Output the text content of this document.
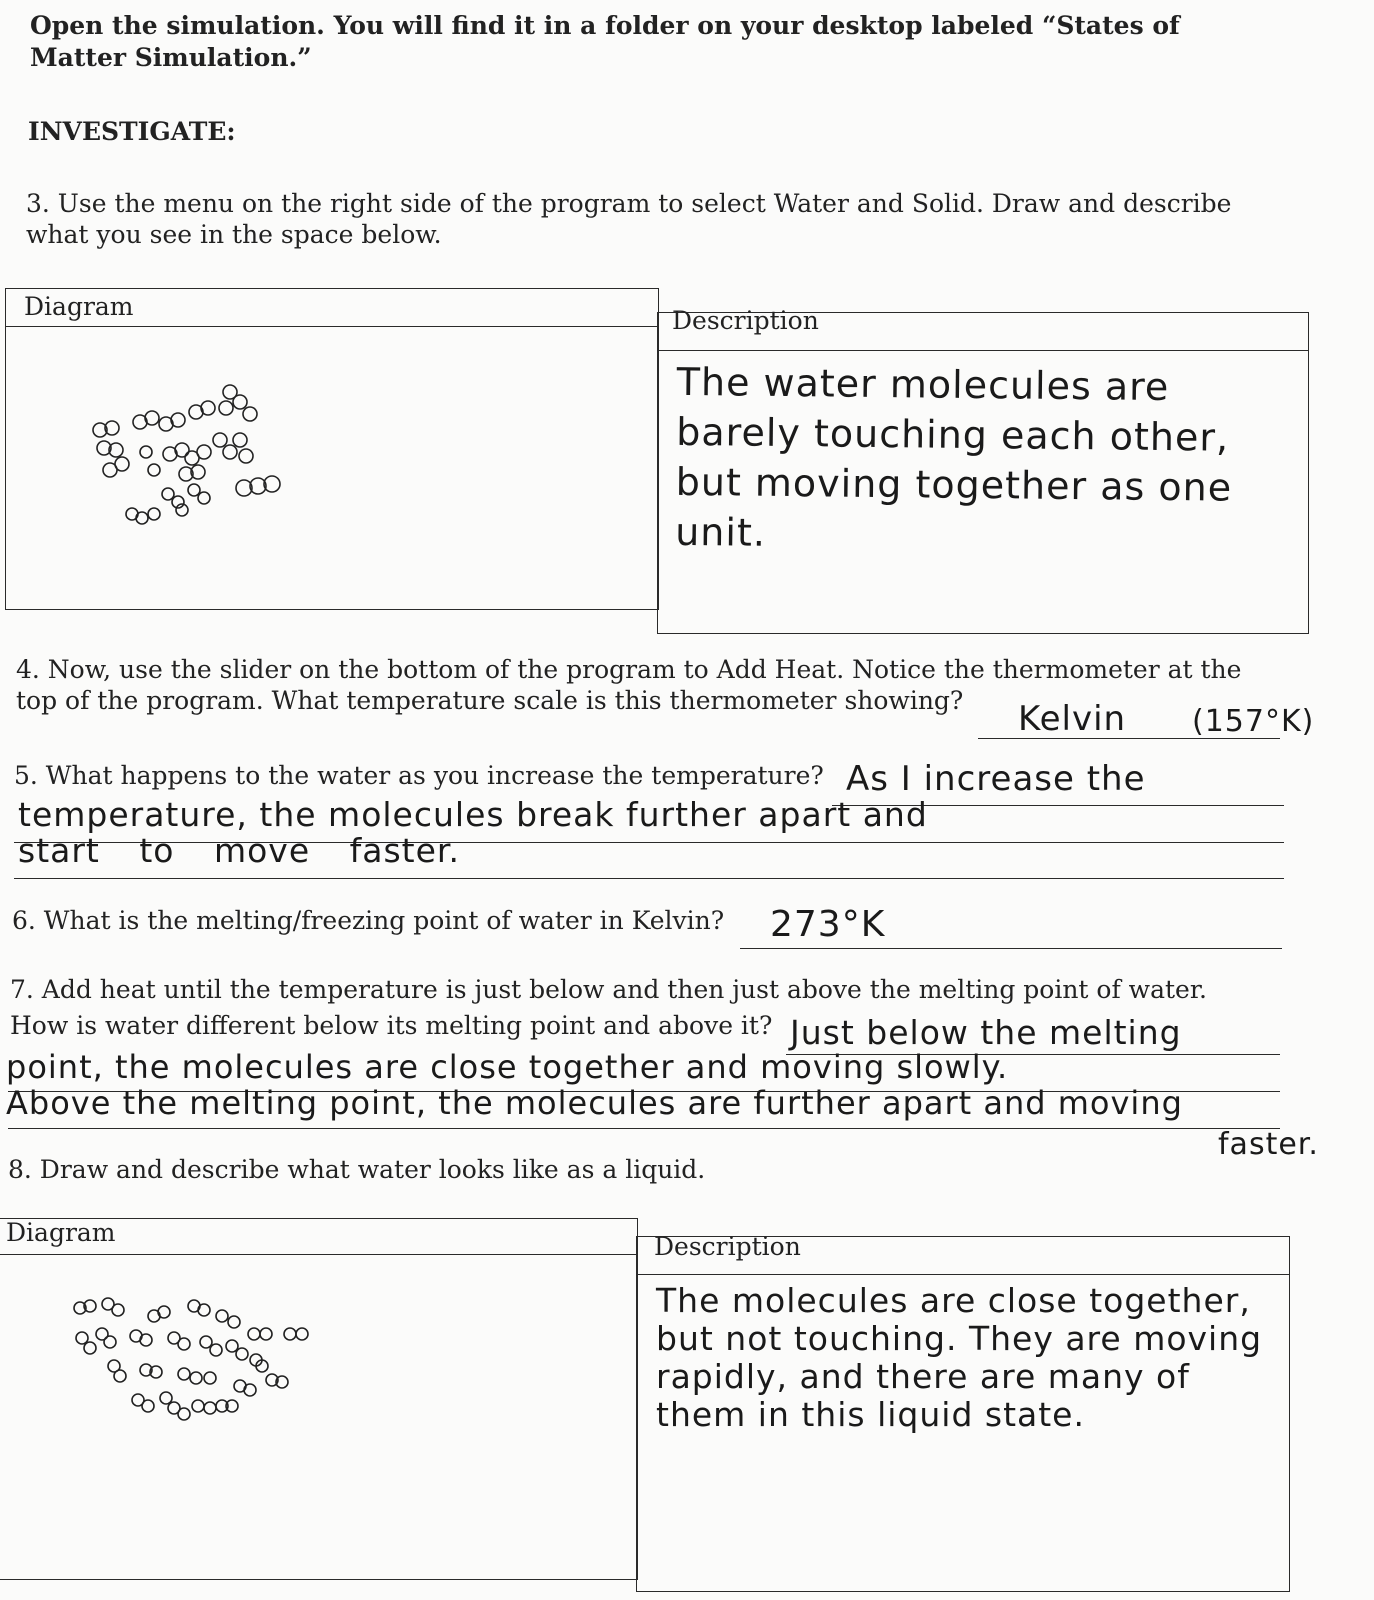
Open the simulation. You will find it in a folder on your desktop labeled “States of Matter Simulation.”
INVESTIGATE:
3. Use the menu on the right side of the program to select Water and Solid. Draw and describe what you see in the space below.
Diagram	Description
The water molecules are barely touching each other, but moving together as one unit.
4. Now, use the slider on the bottom of the program to Add Heat. Notice the thermometer at the top of the program. What temperature scale is this thermometer showing?	Kelvin (157°K)
5. What happens to the water as you increase the temperature? As I increase the
temperature, the molecules break further apart and
start to move faster.
6. What is the melting/freezing point of water in Kelvin? 273°K
7. Add heat until the temperature is just below and then just above the melting point of water.
How is water different below its melting point and above it? Just below the melting
point, the molecules are close together and moving slowly.
Above the melting point, the molecules are further apart and moving
faster.
8. Draw and describe what water looks like as a liquid.
Diagram	Description
The molecules are close together, but not touching. They are moving rapidly, and there are many of them in this liquid state.
